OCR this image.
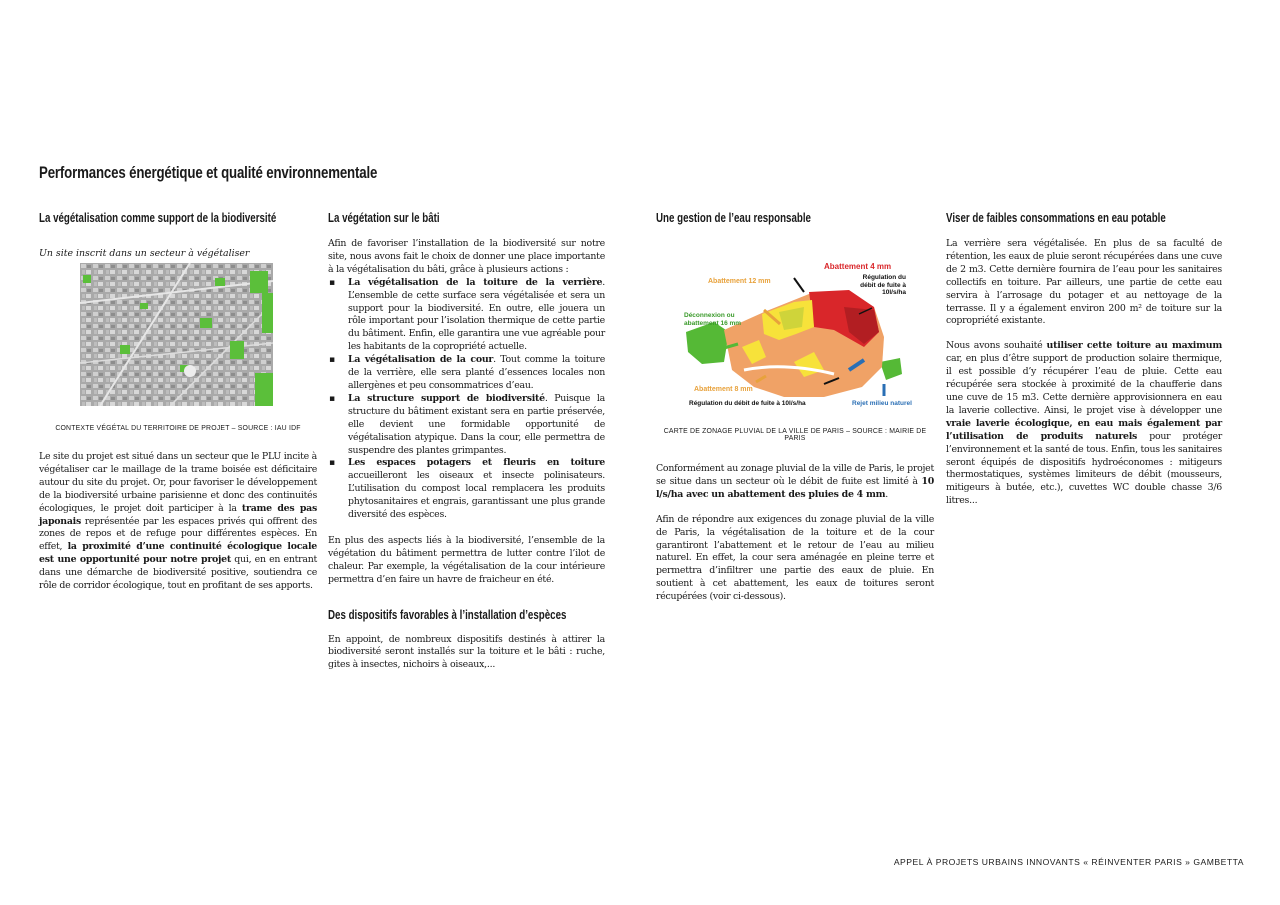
Performances énergétique et qualité environnementale
La végétalisation comme support de la biodiversité

Un site inscrit dans un secteur à végétaliser

CONTEXTE VÉGÉTAL DU TERRITOIRE DE PROJET – SOURCE : IAU IDF

Le site du projet est situé dans un secteur que le PLU incite à végétaliser car le maillage de la trame boisée est déficitaire autour du site du projet. Or, pour favoriser le développement de la biodiversité urbaine parisienne et donc des continuités écologiques, le projet doit participer à la trame des pas japonais représentée par les espaces privés qui offrent des zones de repos et de refuge pour différentes espèces. En effet, la proximité d’une continuité écologique locale est une opportunité pour notre projet qui, en en entrant dans une démarche de biodiversité positive, soutiendra ce rôle de corridor écologique, tout en profitant de ses apports.

La végétation sur le bâti

Afin de favoriser l’installation de la biodiversité sur notre site, nous avons fait le choix de donner une place importante à la végétalisation du bâti, grâce à plusieurs actions :

▪ La végétalisation de la toiture de la verrière. L’ensemble de cette surface sera végétalisée et sera un support pour la biodiversité. En outre, elle jouera un rôle important pour l’isolation thermique de cette partie du bâtiment. Enfin, elle garantira une vue agréable pour les habitants de la copropriété actuelle.
▪ La végétalisation de la cour. Tout comme la toiture de la verrière, elle sera planté d’essences locales non allergènes et peu consommatrices d’eau.
▪ La structure support de biodiversité. Puisque la structure du bâtiment existant sera en partie préservée, elle devient une formidable opportunité de végétalisation atypique. Dans la cour, elle permettra de suspendre des plantes grimpantes.
▪ Les espaces potagers et fleuris en toiture accueilleront les oiseaux et insecte polinisateurs. L’utilisation du compost local remplacera les produits phytosanitaires et engrais, garantissant une plus grande diversité des espèces.

En plus des aspects liés à la biodiversité, l’ensemble de la végétation du bâtiment permettra de lutter contre l’ilot de chaleur. Par exemple, la végétalisation de la cour intérieure permettra d’en faire un havre de fraicheur en été.

Des dispositifs favorables à l’installation d’espèces

En appoint, de nombreux dispositifs destinés à attirer la biodiversité seront installés sur la toiture et le bâti : ruche, gites à insectes, nichoirs à oiseaux,...

Une gestion de l’eau responsable
Abattement 4 mm
Abattement 12 mm
Régulation du débit de fuite à 10l/s/ha
Déconnexion ou abattement 16 mm
Abattement 8 mm
Régulation du débit de fuite à 10l/s/ha	Rejet milieu naturel

CARTE DE ZONAGE PLUVIAL DE LA VILLE DE PARIS – SOURCE : MAIRIE DE PARIS

Conformément au zonage pluvial de la ville de Paris, le projet se situe dans un secteur où le débit de fuite est limité à 10 l/s/ha avec un abattement des pluies de 4 mm.

Afin de répondre aux exigences du zonage pluvial de la ville de Paris, la végétalisation de la toiture et de la cour garantiront l’abattement et le retour de l’eau au milieu naturel. En effet, la cour sera aménagée en pleine terre et permettra d’infiltrer une partie des eaux de pluie. En soutient à cet abattement, les eaux de toitures seront récupérées (voir ci-dessous).

Viser de faibles consommations en eau potable

La verrière sera végétalisée. En plus de sa faculté de rétention, les eaux de pluie seront récupérées dans une cuve de 2 m3. Cette dernière fournira de l’eau pour les sanitaires collectifs en toiture. Par ailleurs, une partie de cette eau servira à l’arrosage du potager et au nettoyage de la terrasse. Il y a également environ 200 m² de toiture sur la copropriété existante.

Nous avons souhaité utiliser cette toiture au maximum car, en plus d’être support de production solaire thermique, il est possible d’y récupérer l’eau de pluie. Cette eau récupérée sera stockée à proximité de la chaufferie dans une cuve de 15 m3. Cette dernière approvisionnera en eau la laverie collective. Ainsi, le projet vise à développer une vraie laverie écologique, en eau mais également par l’utilisation de produits naturels pour protéger l’environnement et la santé de tous. Enfin, tous les sanitaires seront équipés de dispositifs hydroéconomes : mitigeurs thermostatiques, systèmes limiteurs de débit (mousseurs, mitigeurs à butée, etc.), cuvettes WC double chasse 3/6 litres...

APPEL À PROJETS URBAINS INNOVANTS « RÉINVENTER PARIS » GAMBETTA
